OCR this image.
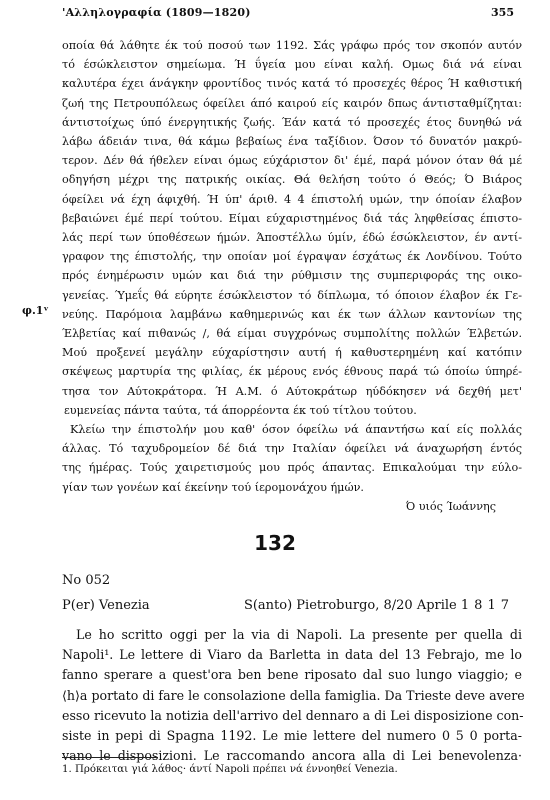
'Αλληλογραφία (1809—1820)	355
οποία θά λάθητε έκ τού ποσού των 1192. Σάς γράφω πρός τον σκοπόν αυτόν
τό έσώκλειστον σημείωμα. Ή ΰγεία μου είναι καλή. Ομως διά νά είναι
καλυτέρα έχει άνάγκην φροντίδος τινός κατά τό προσεχές θέρος Ή καθιστική
ζωή της Πετρουπόλεως όφείλει άπό καιρού είς καιρόν δπως άντισταθμίζηται:
άντιστοίχως ύπό ένεργητικής ζωής. Έάν κατά τό προσεχές έτος δυνηθώ νά
λάβω άδειάν τινα, θά κάμω βεβαίως ένα ταξίδιον. Όσον τό δυνατόν μακρύ-
τερον. Δέν θά ήθελεν είναι όμως εύχάριστον δι' έμέ, παρά μόνον όταν θά μέ
οδηγήση μέχρι της πατρικής οικίας. Θά θελήση τούτο ό Θεός; Ό Βιάρος
όφείλει νά έχη άφιχθή. Ή ύπ' άριθ. 4 4 έπιστολή υμών, την όποίαν έλαβον
βεβαιώνει έμέ περί τούτου. Είμαι εύχαριστημένος διά τάς ληφθείσας έπιστο-
λάς περί των ύποθέσεων ήμών. Άποστέλλω ύμίν, έδώ έσώκλειστον, έν αντί-
γραφον της έπιστολής, την οποίαν μοί έγραψαν έσχάτως έκ Λονδίνου. Τούτο
πρός ένημέρωσιν υμών και διά την ρύθμισιν της συμπεριφοράς της οικο-
γενείας. Ύμεΐς θά εύρητε έσώκλειστον τό δίπλωμα, τό όποιον έλαβον έκ Γε-
νεύης. Παρόμοια λαμβάνω καθημερινώς και έκ των άλλων καντονίων της
Έλβετίας καί πιθανώς /, θά είμαι συγχρόνως συμπολίτης πολλών Έλβετών.
Μού προξενεί μεγάλην εύχαρίστησιν αυτή ή καθυστερημένη καί κατόπιν
σκέψεως μαρτυρία της φιλίας, έκ μέρους ενός έθνους παρά τώ όποίω ύπηρέ-
τησα τον Αύτοκράτορα. Ή Α.Μ. ό Αύτοκράτωρ ηύδόκησεν νά δεχθή μετ'
ευμενείας πάντα ταύτα, τά άπορρέοντα έκ τού τίτλου τούτου.
Κλείω την έπιστολήν μου καθ' όσον όφείλω νά άπαντήσω καί είς πολλάς
άλλας. Τό ταχυδρομείον δέ διά την Ιταλίαν όφείλει νά άναχωρήση έντός
της ήμέρας. Τούς χαιρετισμούς μου πρός άπαντας. Επικαλούμαι την εύλο-
γίαν των γονέων καί έκείνην τού ίερομονάχου ήμών.
Ό υιός Ίωάννης
φ.1ᵛ
132
No 052
P(er) Venezia	S(anto) Pietroburgo, 8/20 Aprile 1817
Le ho scritto oggi per la via di Napoli. La presente per quella di
Napoli¹. Le lettere di Viaro da Barletta in data del 13 Febrajo, me lo
fanno sperare a quest'ora ben bene riposato dal suo lungo viaggio; e
⟨h⟩a portato di fare le consolazione della famiglia. Da Trieste deve avere
esso ricevuto la notizia dell'arrivo del dennaro a di Lei disposizione con-
siste in pepi di Spagna 1192. Le mie lettere del numero 0 5 0 porta-
vano le disposizioni. Le raccomando ancora alla di Lei benevolenza·
1. Πρόκειται γιά λάθος· άντί Napoli πρέπει νά έννοηθεί Venezia.
